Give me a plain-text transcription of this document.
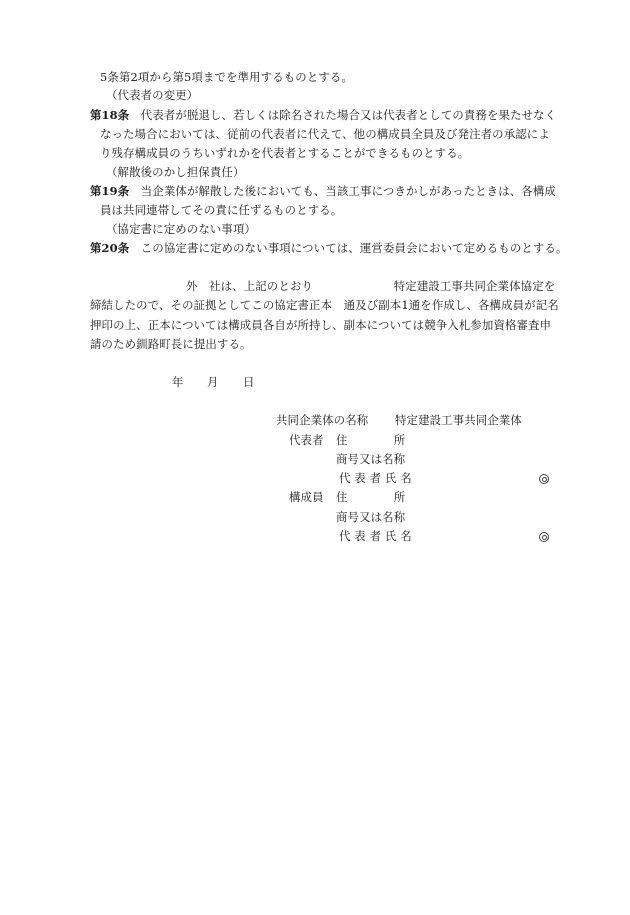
5条第2項から第5項までを準用するものとする。
（代表者の変更）
第18条　代表者が脱退し、若しくは除名された場合又は代表者としての責務を果たせなく
なった場合においては、従前の代表者に代えて、他の構成員全員及び発注者の承認によ
り残存構成員のうちいずれかを代表者とすることができるものとする。
（解散後のかし担保責任）
第19条　当企業体が解散した後においても、当該工事につきかしがあったときは、各構成
員は共同連帯してその責に任ずるものとする。
（協定書に定めのない事項）
第20条　この協定書に定めのない事項については、運営委員会において定めるものとする。
外　社は、上記のとおり　　　　　　　特定建設工事共同企業体協定を
締結したので、その証拠としてこの協定書正本　通及び副本1通を作成し、各構成員が記名
押印の上、正本については構成員各自が所持し、副本については競争入札参加資格審査申
請のため釧路町長に提出する。
年 月 日
共同企業体の名称 特定建設工事共同企業体
代表者 住　　　　所
商号又は名称
代 表 者 氏 名
構成員 住　　　　所
商号又は名称
代 表 者 氏 名
